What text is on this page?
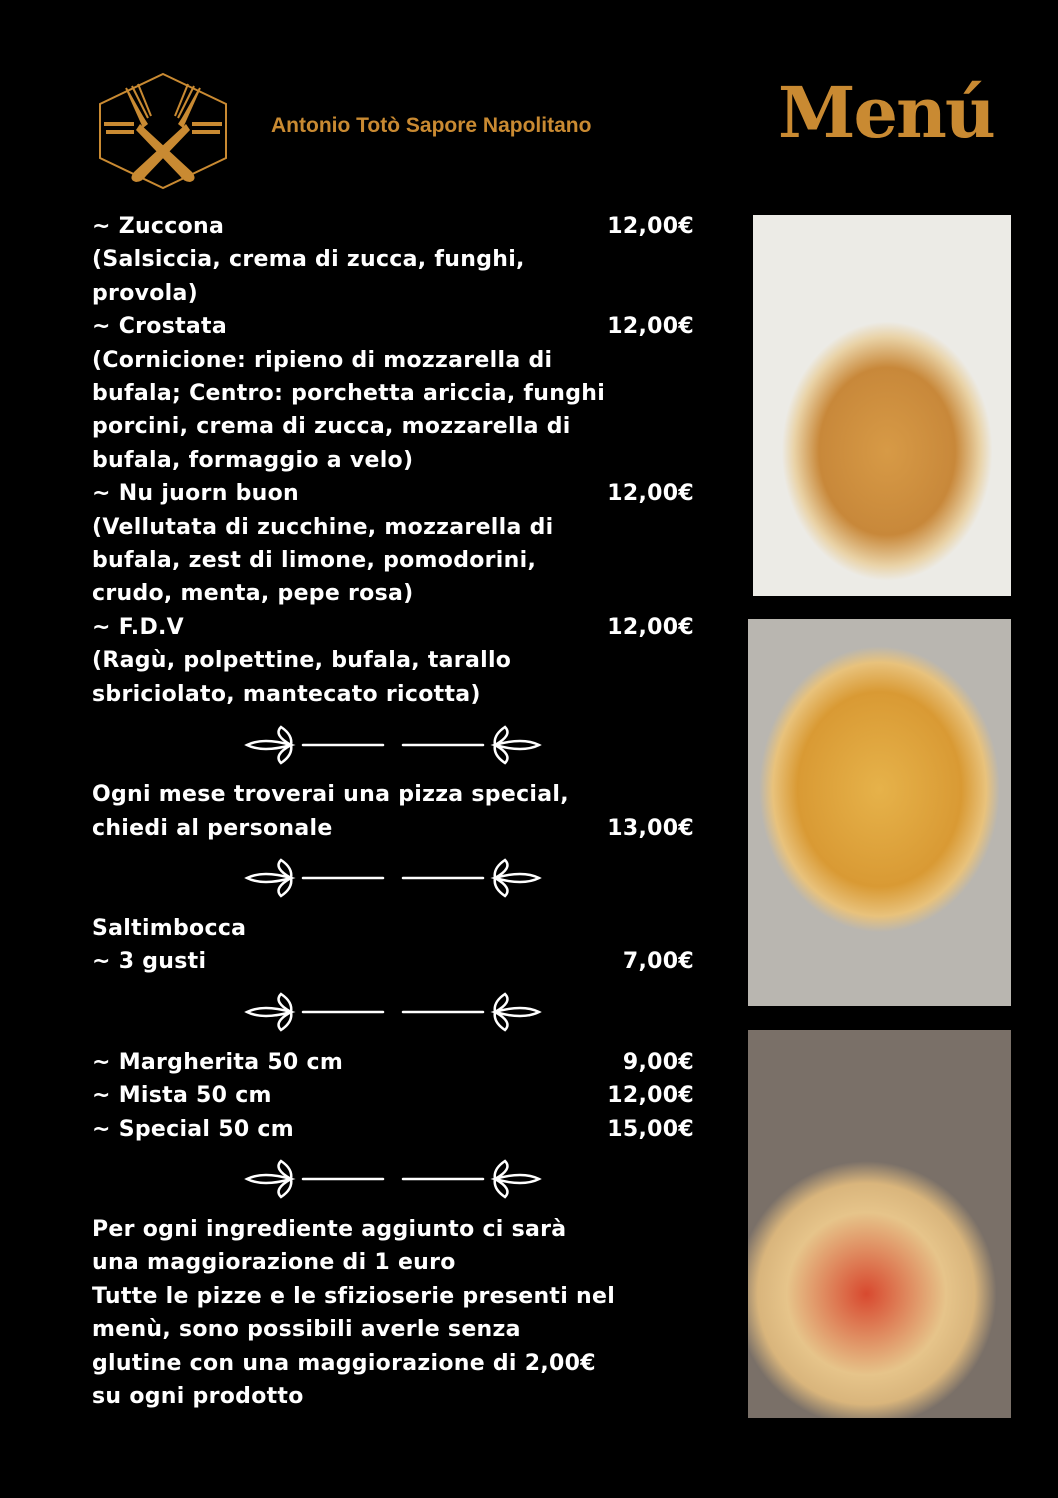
Antonio Totò Sapore Napolitano	Menú
~ Zuccona	12,00€
(Salsiccia, crema di zucca, funghi,
provola)
~ Crostata	12,00€
(Cornicione: ripieno di mozzarella di
bufala; Centro: porchetta ariccia, funghi
porcini, crema di zucca, mozzarella di
bufala, formaggio a velo)
~ Nu juorn buon	12,00€
(Vellutata di zucchine, mozzarella di
bufala, zest di limone, pomodorini,
crudo, menta, pepe rosa)
~ F.D.V	12,00€
(Ragù, polpettine, bufala, tarallo
sbriciolato, mantecato ricotta)
Ogni mese troverai una pizza special,
chiedi al personale	13,00€
Saltimbocca
~ 3 gusti	7,00€
~ Margherita 50 cm	9,00€
~ Mista 50 cm	12,00€
~ Special 50 cm	15,00€
Per ogni ingrediente aggiunto ci sarà
una maggiorazione di 1 euro
Tutte le pizze e le sfizioserie presenti nel
menù, sono possibili averle senza
glutine con una maggiorazione di 2,00€
su ogni prodotto
